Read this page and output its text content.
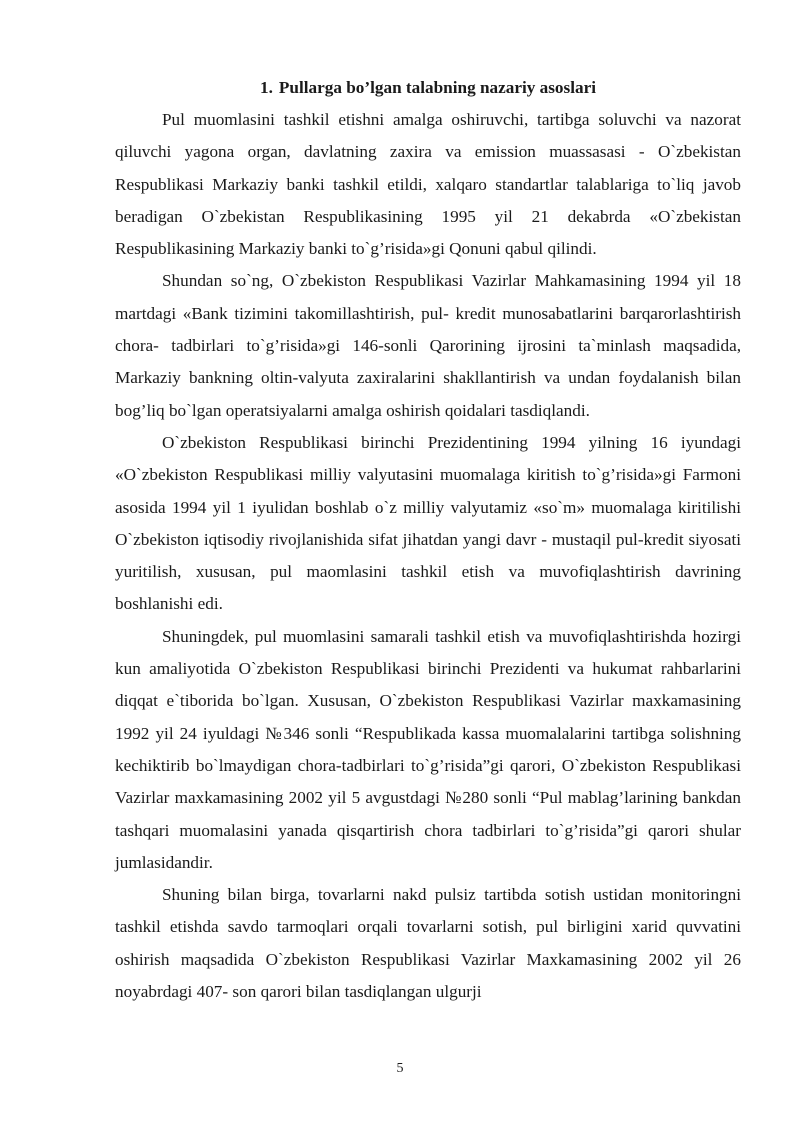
1. Pullarga bo’lgan talabning nazariy asoslari

Pul muomlasini tashkil etishni amalga oshiruvchi, tartibga soluvchi va nazorat qiluvchi yagona organ, davlatning zaxira va emission muassasasi - O`zbekistan Respublikasi Markaziy banki tashkil etildi, xalqaro standartlar talablariga to`liq javob beradigan O`zbekistan Respublikasining 1995 yil 21 dekabrda «O`zbekistan Respublikasining Markaziy banki to`g’risida»gi Qonuni qabul qilindi.

Shundan so`ng, O`zbekiston Respublikasi Vazirlar Mahkamasining 1994 yil 18 martdagi «Bank tizimini takomillashtirish, pul- kredit munosabatlarini barqarorlashtirish chora- tadbirlari to`g’risida»gi 146-sonli Qarorining ijrosini ta`minlash maqsadida, Markaziy bankning oltin-valyuta zaxiralarini shakllantirish va undan foydalanish bilan bog’liq bo`lgan operatsiyalarni amalga oshirish qoidalari tasdiqlandi.

O`zbekiston Respublikasi birinchi Prezidentining 1994 yilning 16 iyundagi «O`zbekiston Respublikasi milliy valyutasini muomalaga kiritish to`g’risida»gi Farmoni asosida 1994 yil 1 iyulidan boshlab o`z milliy valyutamiz «so`m» muomalaga kiritilishi O`zbekiston iqtisodiy rivojlanishida sifat jihatdan yangi davr - mustaqil pul-kredit siyosati yuritilish, xususan, pul maomlasini tashkil etish va muvofiqlashtirish davrining boshlanishi edi.

Shuningdek, pul muomlasini samarali tashkil etish va muvofiqlashtirishda hozirgi kun amaliyotida O`zbekiston Respublikasi birinchi Prezidenti va hukumat rahbarlarini diqqat e`tiborida bo`lgan. Xususan, O`zbekiston Respublikasi Vazirlar maxkamasining 1992 yil 24 iyuldagi №346 sonli “Respublikada kassa muomalalarini tartibga solishning kechiktirib bo`lmaydigan chora-tadbirlari to`g’risida”gi qarori, O`zbekiston Respublikasi Vazirlar maxkamasining 2002 yil 5 avgustdagi №280 sonli “Pul mablag’larining bankdan tashqari muomalasini yanada qisqartirish chora tadbirlari to`g’risida”gi qarori shular jumlasidandir.

Shuning bilan birga, tovarlarni nakd pulsiz tartibda sotish ustidan monitoringni tashkil etishda savdo tarmoqlari orqali tovarlarni sotish, pul birligini xarid quvvatini oshirish maqsadida O`zbekiston Respublikasi Vazirlar Maxkamasining 2002 yil 26 noyabrdagi 407- son qarori bilan tasdiqlangan ulgurji

5
